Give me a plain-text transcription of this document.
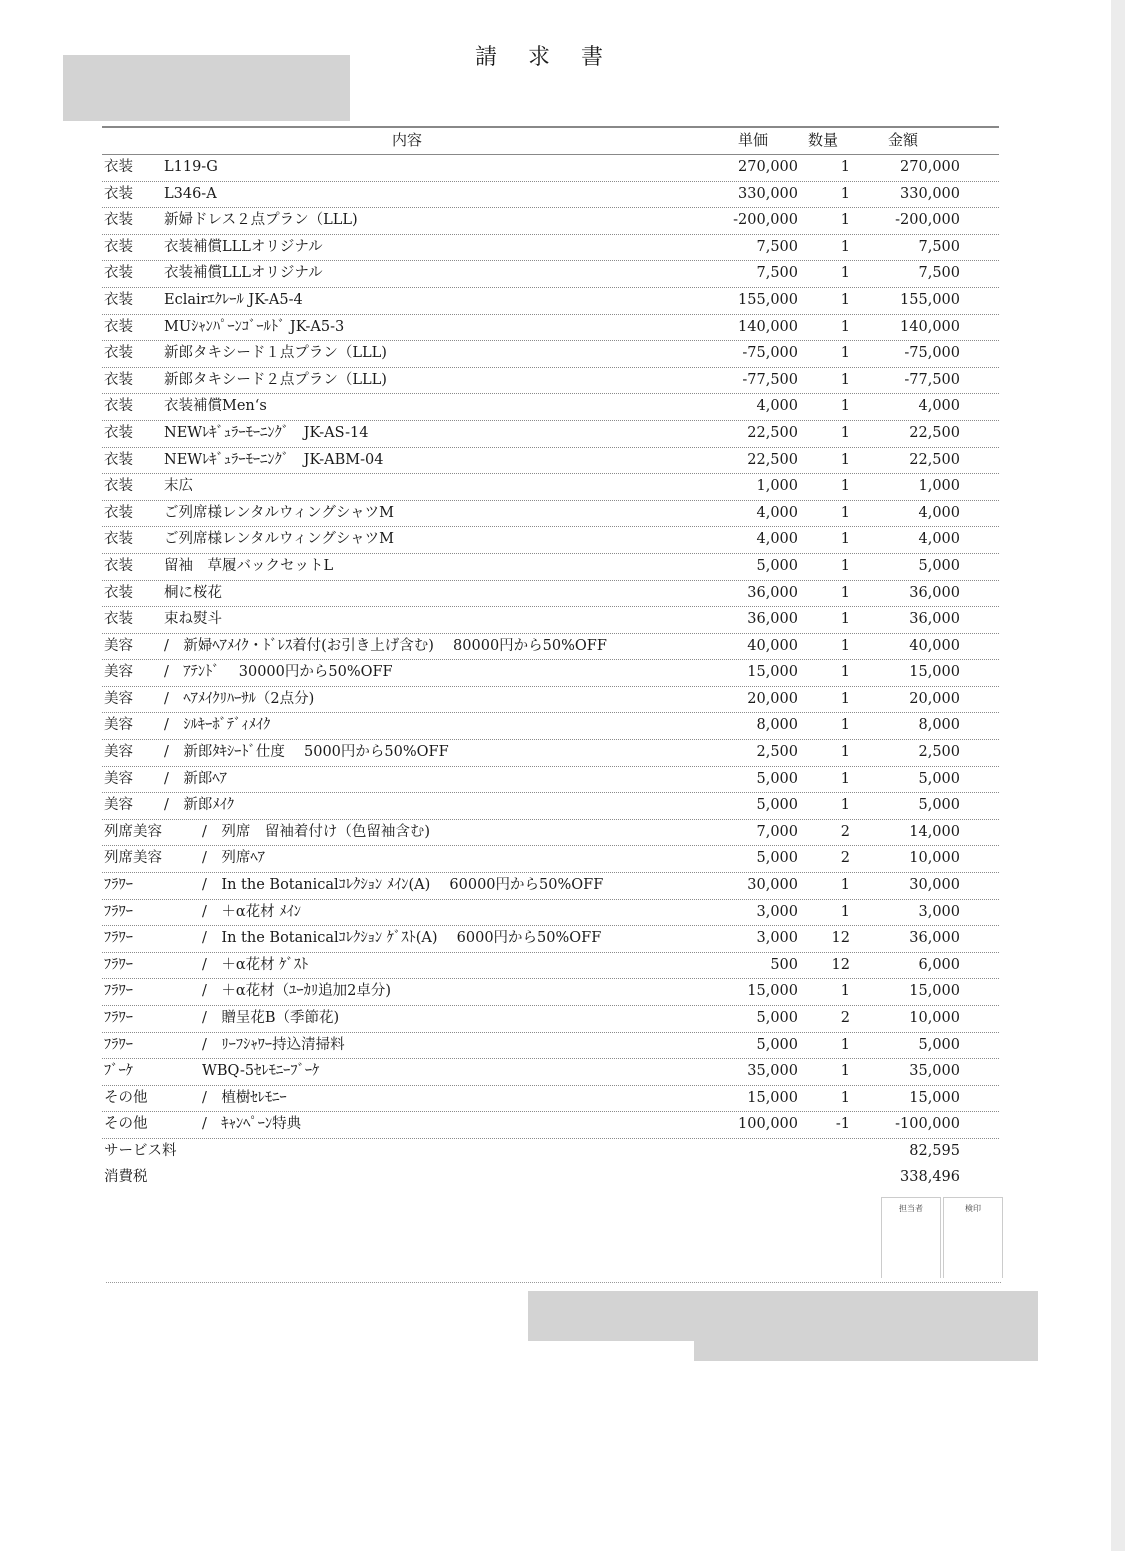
請 求 書
内容	単価	数量	金額
衣装 L119-G	270,000	1	270,000
衣装 L346-A	330,000	1	330,000
衣装 新婦ドレス２点プラン（LLL)	-200,000	1	-200,000
衣装 衣装補償LLLオリジナル	7,500	1	7,500
衣装 衣装補償LLLオリジナル	7,500	1	7,500
衣装 Eclairｴｸﾚｰﾙ JK-A5-4	155,000	1	155,000
衣装 MUｼｬﾝﾊﾟｰﾝｺﾞｰﾙﾄﾞ JK-A5-3	140,000	1	140,000
衣装 新郎タキシード１点プラン（LLL)	-75,000	1	-75,000
衣装 新郎タキシード２点プラン（LLL)	-77,500	1	-77,500
衣装 衣装補償Men‘s	4,000	1	4,000
衣装 NEWﾚｷﾞｭﾗｰﾓｰﾆﾝｸﾞ　JK-AS-14	22,500	1	22,500
衣装 NEWﾚｷﾞｭﾗｰﾓｰﾆﾝｸﾞ　JK-ABM-04	22,500	1	22,500
衣装 末広	1,000	1	1,000
衣装 ご列席様レンタルウィングシャツM	4,000	1	4,000
衣装 ご列席様レンタルウィングシャツM	4,000	1	4,000
衣装 留袖　草履バックセットL	5,000	1	5,000
衣装 桐に桜花	36,000	1	36,000
衣装 束ね熨斗	36,000	1	36,000
美容 /　新婦ﾍｱﾒｲｸ・ﾄﾞﾚｽ着付(お引き上げ含む)　 80000円から50%OFF	40,000	1	40,000
美容 /　ｱﾃﾝﾄﾞ　 30000円から50%OFF	15,000	1	15,000
美容 /　ﾍｱﾒｲｸﾘﾊｰｻﾙ（2点分)	20,000	1	20,000
美容 /　ｼﾙｷｰﾎﾞﾃﾞｨﾒｲｸ	8,000	1	8,000
美容 /　新郎ﾀｷｼｰﾄﾞ仕度　 5000円から50%OFF	2,500	1	2,500
美容 /　新郎ﾍｱ	5,000	1	5,000
美容 /　新郎ﾒｲｸ	5,000	1	5,000
列席美容	/　列席　留袖着付け（色留袖含む)	7,000	2	14,000
列席美容	/　列席ﾍｱ	5,000	2	10,000
ﾌﾗﾜｰ	/　In the Botanicalｺﾚｸｼｮﾝ ﾒｲﾝ(A)　 60000円から50%OFF	30,000	1	30,000
ﾌﾗﾜｰ	/　＋α花材 ﾒｲﾝ	3,000	1	3,000
ﾌﾗﾜｰ	/　In the Botanicalｺﾚｸｼｮﾝ ｹﾞｽﾄ(A)　 6000円から50%OFF	3,000	12	36,000
ﾌﾗﾜｰ	/　＋α花材 ｹﾞｽﾄ	500	12	6,000
ﾌﾗﾜｰ	/　＋α花材（ﾕｰｶﾘ追加2卓分)	15,000	1	15,000
ﾌﾗﾜｰ	/　贈呈花B（季節花)	5,000	2	10,000
ﾌﾗﾜｰ	/　ﾘｰﾌｼｬﾜｰ持込清掃料	5,000	1	5,000
ﾌﾞｰｹ	WBQ-5ｾﾚﾓﾆｰﾌﾞｰｹ	35,000	1	35,000
その他	/　植樹ｾﾚﾓﾆｰ	15,000	1	15,000
その他	/　ｷｬﾝﾍﾟｰﾝ特典	100,000	-1	-100,000
サービス料	82,595
消費税	338,496
担当者	検印
